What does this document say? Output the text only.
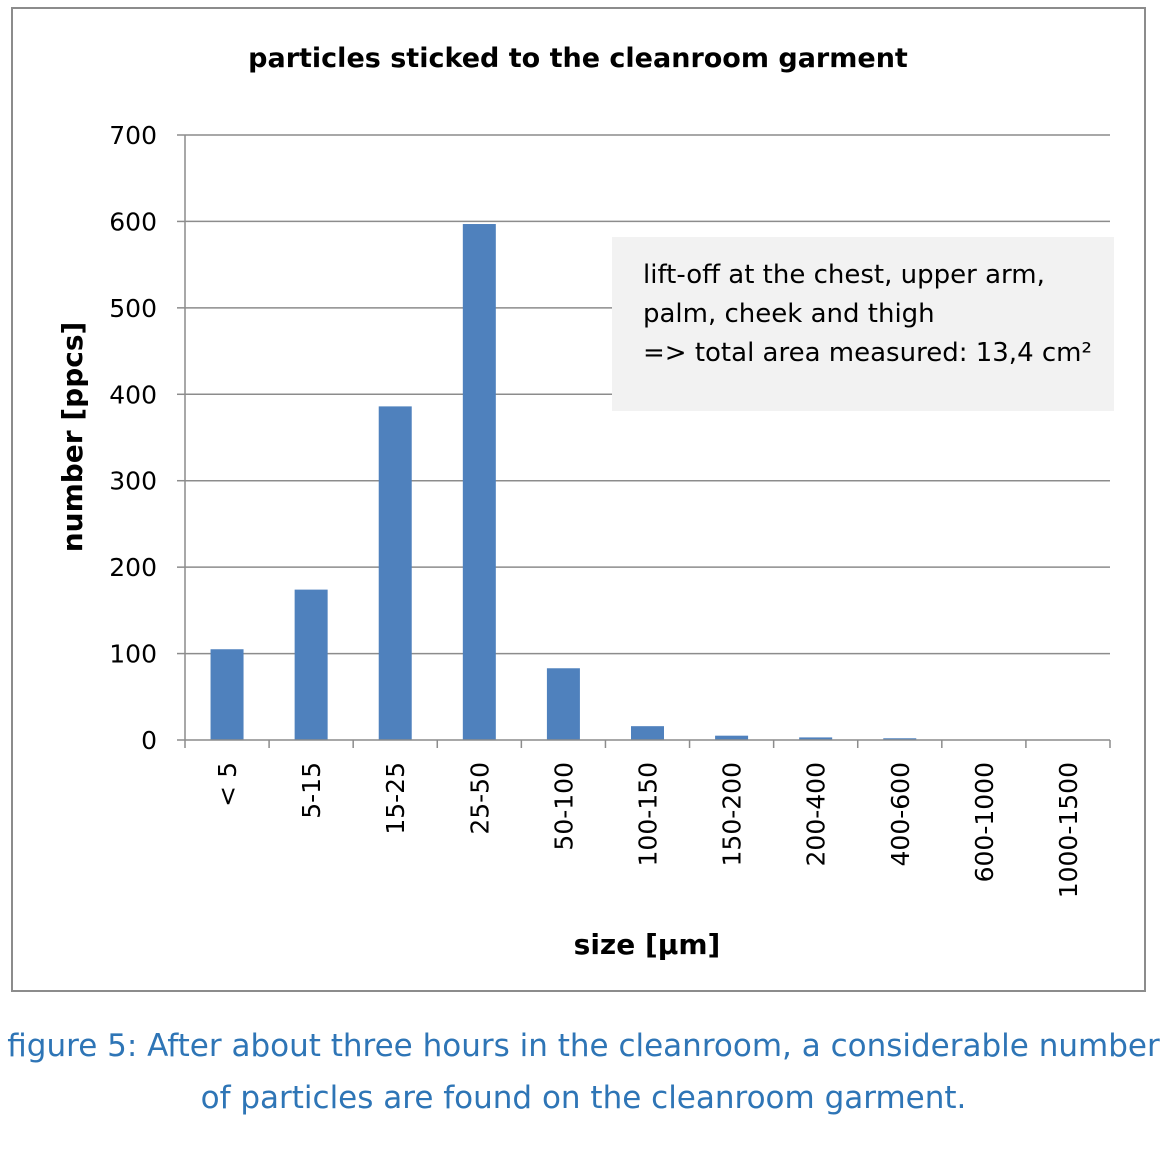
0
100
200
300
400
500
600
700
< 5 5-15 15-25 25-50 50-100 100-150 150-200 200-400 400-600 600-1000 1000-1500
lift-off at the chest, upper arm,
palm, cheek and thigh
=> total area measured: 13,4 cm²
particles sticked to the cleanroom garment
size [µm]
number [ppcs]
figure 5: After about three hours in the cleanroom, a considerable number
of particles are found on the cleanroom garment.
